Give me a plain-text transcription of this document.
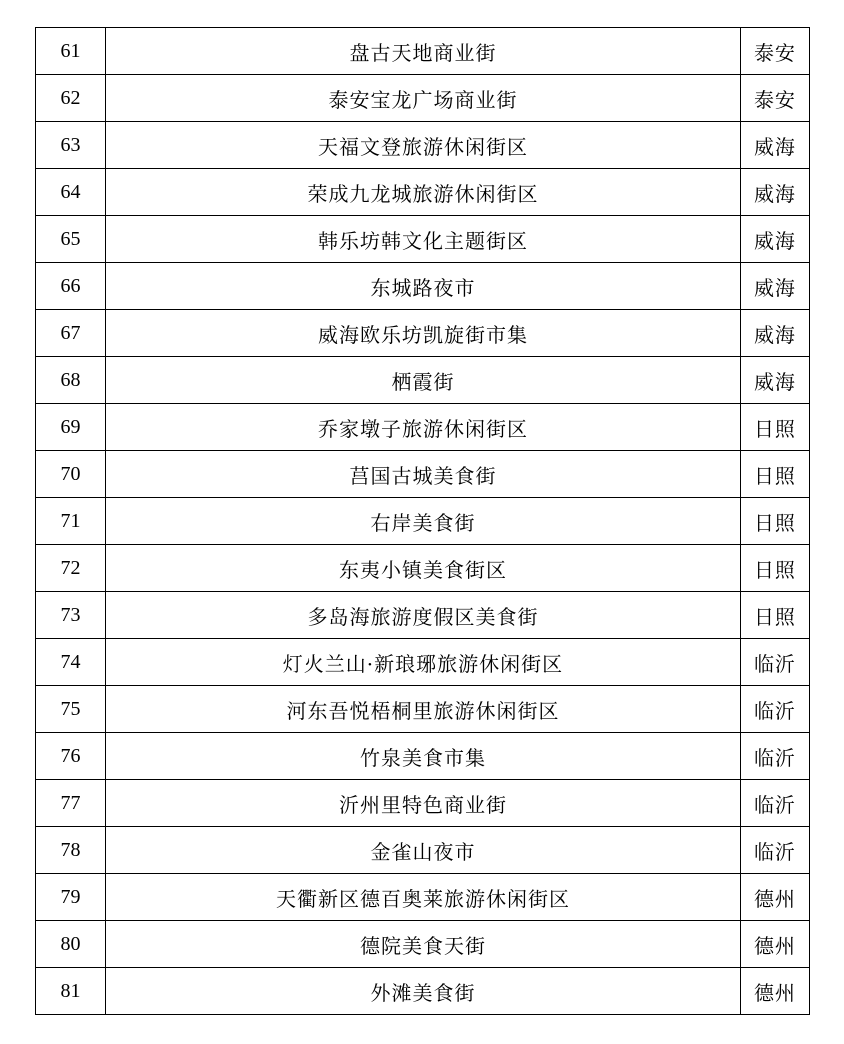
61	盘古天地商业街	泰安
62	泰安宝龙广场商业街	泰安
63	天福文登旅游休闲街区	威海
64	荣成九龙城旅游休闲街区	威海
65	韩乐坊韩文化主题街区	威海
66	东城路夜市	威海
67	威海欧乐坊凯旋街市集	威海
68	栖霞街	威海
69	乔家墩子旅游休闲街区	日照
70	莒国古城美食街	日照
71	右岸美食街	日照
72	东夷小镇美食街区	日照
73	多岛海旅游度假区美食街	日照
74	灯火兰山·新琅琊旅游休闲街区	临沂
75	河东吾悦梧桐里旅游休闲街区	临沂
76	竹泉美食市集	临沂
77	沂州里特色商业街	临沂
78	金雀山夜市	临沂
79	天衢新区德百奥莱旅游休闲街区	德州
80	德院美食天街	德州
81	外滩美食街	德州
